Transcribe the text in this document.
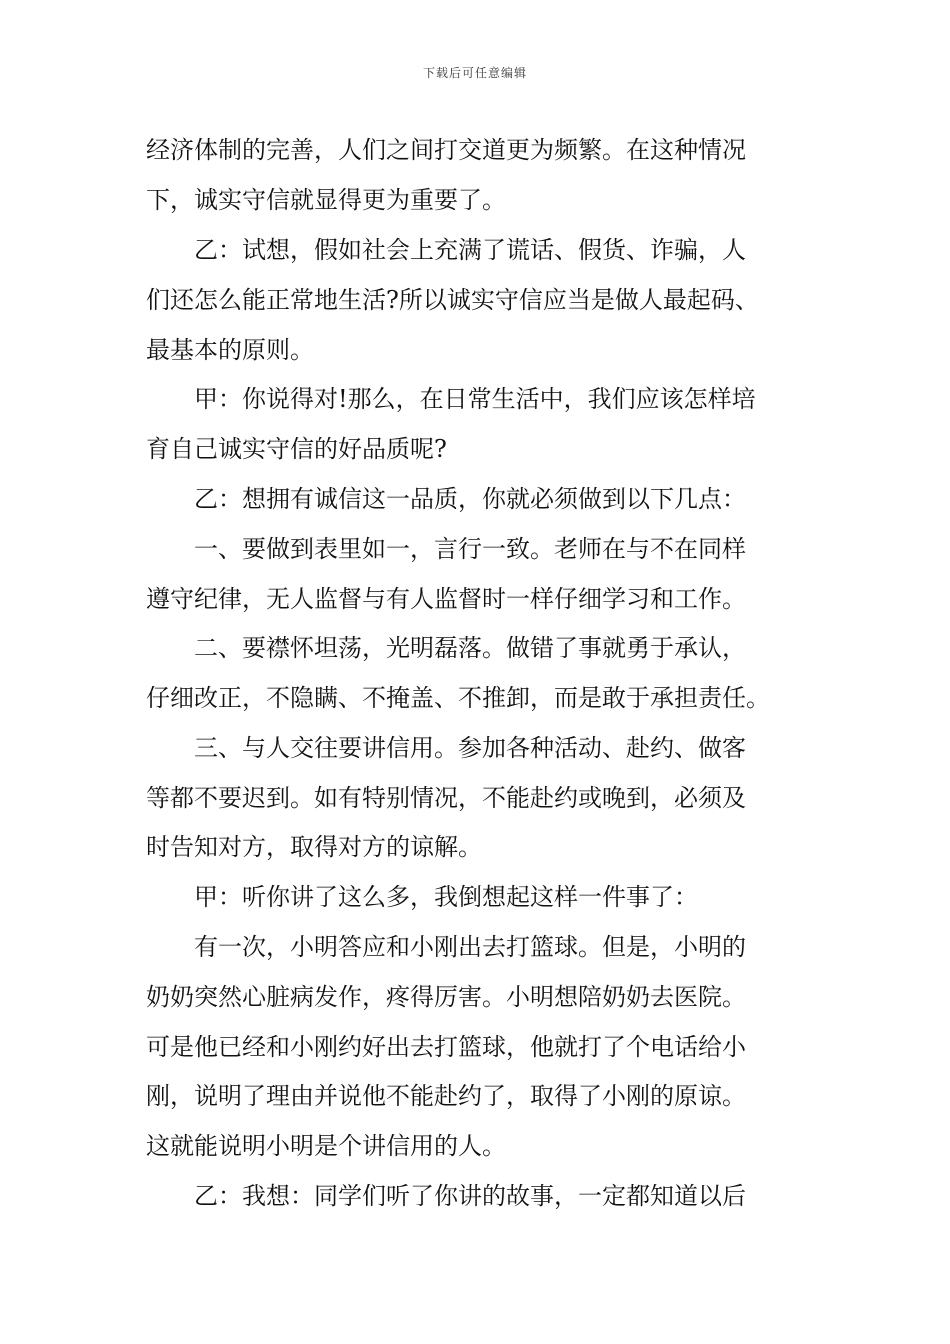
下载后可任意编辑
经济体制的完善，人们之间打交道更为频繁。在这种情况
下，诚实守信就显得更为重要了。
　　乙：试想，假如社会上充满了谎话、假货、诈骗，人
们还怎么能正常地生活?所以诚实守信应当是做人最起码、
最基本的原则。
　　甲：你说得对!那么，在日常生活中，我们应该怎样培
育自己诚实守信的好品质呢?
　　乙：想拥有诚信这一品质，你就必须做到以下几点：
　　一、要做到表里如一，言行一致。老师在与不在同样
遵守纪律，无人监督与有人监督时一样仔细学习和工作。
　　二、要襟怀坦荡，光明磊落。做错了事就勇于承认，
仔细改正，不隐瞒、不掩盖、不推卸，而是敢于承担责任。
　　三、与人交往要讲信用。参加各种活动、赴约、做客
等都不要迟到。如有特别情况，不能赴约或晚到，必须及
时告知对方，取得对方的谅解。
　　甲：听你讲了这么多，我倒想起这样一件事了：
　　有一次，小明答应和小刚出去打篮球。但是，小明的
奶奶突然心脏病发作，疼得厉害。小明想陪奶奶去医院。
可是他已经和小刚约好出去打篮球，他就打了个电话给小
刚，说明了理由并说他不能赴约了，取得了小刚的原谅。
这就能说明小明是个讲信用的人。
　　乙：我想：同学们听了你讲的故事，一定都知道以后
